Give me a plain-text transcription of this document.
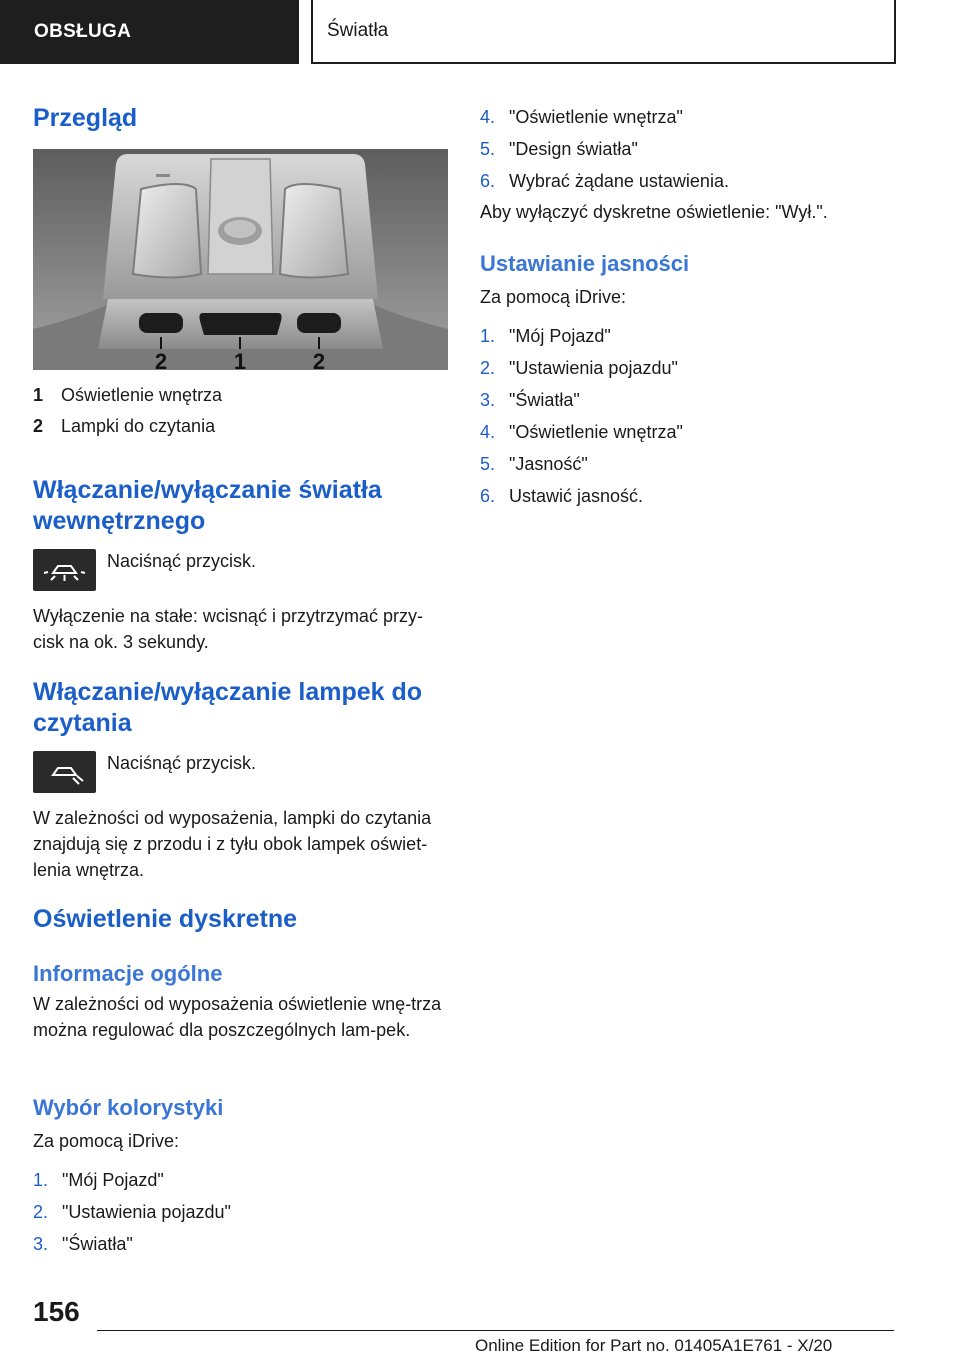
OBSŁUGA	Światła
Przegląd
2	1	2
1 Oświetlenie wnętrza
2 Lampki do czytania
Włączanie/wyłączanie światła wewnętrznego

Naciśnąć przycisk.

Wyłączenie na stałe: wcisnąć i przytrzymać przy‐cisk na ok. 3 sekundy.

Włączanie/wyłączanie lampek do czytania

Naciśnąć przycisk.

W zależności od wyposażenia, lampki do czytania znajdują się z przodu i z tyłu obok lampek oświet‐lenia wnętrza.

Oświetlenie dyskretne
Informacje ogólne

W zależności od wyposażenia oświetlenie wnę‐trza można regulować dla poszczególnych lam‐pek.

Wybór kolorystyki

Za pomocą iDrive:

1. "Mój Pojazd"
2. "Ustawienia pojazdu"
3. "Światła"
4. "Oświetlenie wnętrza"
5. "Design światła"
6. Wybrać żądane ustawienia.

Aby wyłączyć dyskretne oświetlenie: "Wył.".

Ustawianie jasności

Za pomocą iDrive:

1. "Mój Pojazd"
2. "Ustawienia pojazdu"
3. "Światła"
4. "Oświetlenie wnętrza"
5. "Jasność"
6. Ustawić jasność.
156
Online Edition for Part no. 01405A1E761 - X/20
